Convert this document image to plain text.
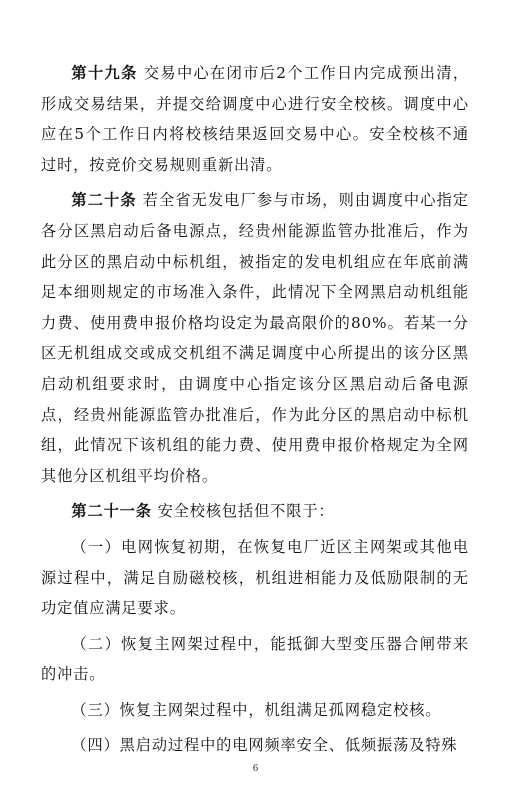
第十九条 交易中心在闭市后2个工作日内完成预出清，形成交易结果，并提交给调度中心进行安全校核。调度中心应在5个工作日内将校核结果返回交易中心。安全校核不通过时，按竞价交易规则重新出清。

第二十条 若全省无发电厂参与市场，则由调度中心指定各分区黑启动后备电源点，经贵州能源监管办批准后，作为此分区的黑启动中标机组，被指定的发电机组应在年底前满足本细则规定的市场准入条件，此情况下全网黑启动机组能力费、使用费申报价格均设定为最高限价的80%。若某一分区无机组成交或成交机组不满足调度中心所提出的该分区黑启动机组要求时，由调度中心指定该分区黑启动后备电源点，经贵州能源监管办批准后，作为此分区的黑启动中标机组，此情况下该机组的能力费、使用费申报价格规定为全网其他分区机组平均价格。

第二十一条 安全校核包括但不限于：

（一）电网恢复初期，在恢复电厂近区主网架或其他电源过程中，满足自励磁校核，机组进相能力及低励限制的无功定值应满足要求。

（二）恢复主网架过程中，能抵御大型变压器合闸带来的冲击。

（三）恢复主网架过程中，机组满足孤网稳定校核。

（四）黑启动过程中的电网频率安全、低频振荡及特殊

6
